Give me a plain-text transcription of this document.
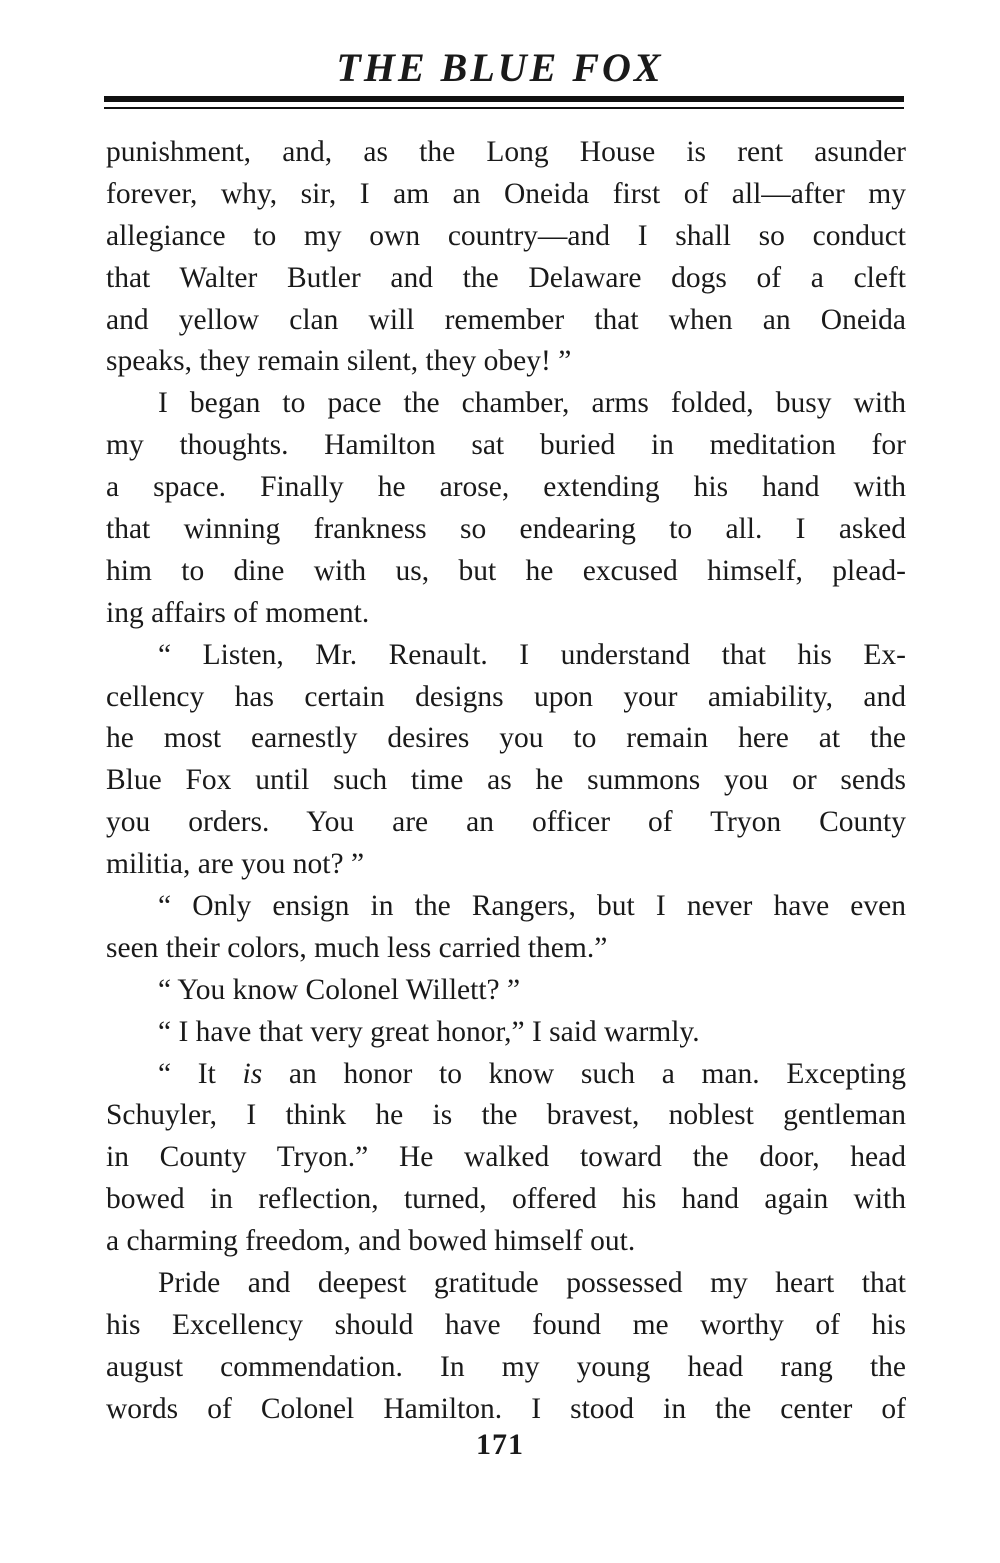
THE BLUE FOX
punishment, and, as the Long House is rent asunder
forever, why, sir, I am an Oneida first of all—after my
allegiance to my own country—and I shall so conduct
that Walter Butler and the Delaware dogs of a cleft
and yellow clan will remember that when an Oneida
speaks, they remain silent, they obey! ”
I began to pace the chamber, arms folded, busy with
my thoughts. Hamilton sat buried in meditation for
a space. Finally he arose, extending his hand with
that winning frankness so endearing to all. I asked
him to dine with us, but he excused himself, plead-
ing affairs of moment.
“ Listen, Mr. Renault. I understand that his Ex-
cellency has certain designs upon your amiability, and
he most earnestly desires you to remain here at the
Blue Fox until such time as he summons you or sends
you orders. You are an officer of Tryon County
militia, are you not? ”
“ Only ensign in the Rangers, but I never have even
seen their colors, much less carried them.”
“ You know Colonel Willett? ”
“ I have that very great honor,” I said warmly.
“ It is an honor to know such a man. Excepting
Schuyler, I think he is the bravest, noblest gentleman
in County Tryon.” He walked toward the door, head
bowed in reflection, turned, offered his hand again with
a charming freedom, and bowed himself out.
Pride and deepest gratitude possessed my heart that
his Excellency should have found me worthy of his
august commendation. In my young head rang the
words of Colonel Hamilton. I stood in the center of
171
